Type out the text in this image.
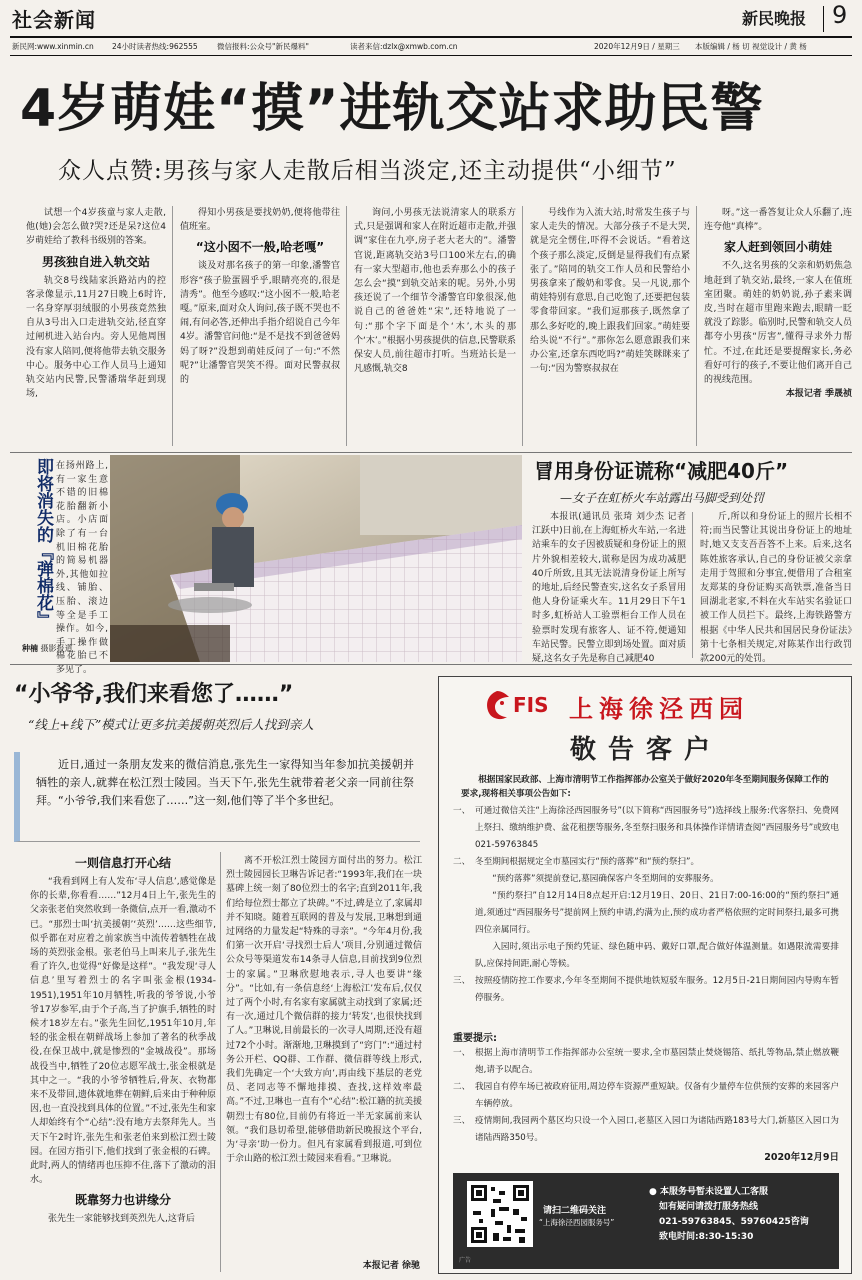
社会新闻	新民晚报 9
新民网:www.xinmin.cn 24小时读者热线:962555	微信报料:公众号"新民爆料"	读者来信:dzlx@xmwb.com.cn	2020年12月9日 / 星期三 本版编辑 / 杨 切 视觉设计 / 黄 杨
4岁萌娃“摸”进轨交站求助民警
众人点赞:男孩与家人走散后相当淡定,还主动提供“小细节”

试想一个4岁孩童与家人走散,他(她)会怎么做?哭?还是呆?这位4岁萌娃给了教科书级别的答案。

男孩独自进入轨交站

轨交8号线陆家浜路站内的控客录像显示,11月27日晚上6时许,一名身穿厚羽绒服的小男孩竟然独自从3号出入口走进轨交站,径直穿过闸机进入站台内。旁人见他周围没有家人陪同,便将他带去轨交服务中心。服务中心工作人员马上通知轨交站内民警,民警潘瑞华赶到现场,

得知小男孩是要找奶奶,便将他带往值班室。

“这小囡不一般,哈老嘎”

谈及对那名孩子的第一印象,潘警官形容“孩子脸蛋圆乎乎,眼睛亮亮的,很是清秀”。他至今感叹:“这小囡不一般,哈老嘎。”原来,面对众人询问,孩子既不哭也不闹,有问必答,还伸出手指介绍说自己今年4岁。潘警官问他:“是不是找不到爸爸妈妈了呀?”没想到萌娃反问了一句:“不然呢?”让潘警官哭笑不得。面对民警叔叔的

询问,小男孩无法说清家人的联系方式,只是强调和家人在附近超市走散,并强调“家住在九亭,房子老大老大的”。潘警官说,距离轨交站3号口100米左右,的确有一家大型超市,他也丢弃那么小的孩子怎么会“摸”到轨交站来的呢。另外,小男孩还说了一个细节令潘警官印象很深,他说自己的爸爸姓“宋”,还特地说了一句:“那个字下面是个‘木’,木头的那个‘木’。”根据小男孩提供的信息,民警联系保安人员,前往超市打听。当班站长是一凡感慨,轨交8

号线作为入流大站,时常发生孩子与家人走失的情况。大部分孩子不是大哭,就是完全愣住,吓得不会说话。“看着这个孩子那么淡定,反倒是显得我们有点紧张了。”陪同的轨交工作人员和民警给小男孩拿来了酸奶和零食。吴一凡说,那个萌娃特别有意思,自己吃饱了,还要把包装零食带回家。“我们逗那孩子,既然拿了那么多好吃的,晚上跟我们回家。”萌娃要给头说“不行”。”那你怎么愿意跟我们来办公室,还拿东西吃吗?”萌娃笑眯眯来了一句:“因为警察叔叔在

呀。”这一番答复让众人乐翻了,连连夸他“真棒”。

家人赶到领回小萌娃

不久,这名男孩的父亲和奶奶焦急地赶到了轨交站,最终,一家人在值班室团聚。萌娃的奶奶说,孙子素来调皮,当时在超市里跑来跑去,眼睛一眨就没了踪影。临别时,民警和轨交人员都夸小男孩“厉害”,懂得寻求外力帮忙。不过,在此还是要提醒家长,务必看好可行的孩子,不要让他们离开自己的视线范围。

本报记者 季晟祯
即将消失的『弹棉花』 在扬州路上,有一家生意不错的旧棉花胎翻新小店。小店面除了有一台机旧棉花胎的简易机器外,其他如拉线、铺胎、压胎、滚边等全是手工操作。如今,手工操作做棉花胎已不多见了。
种楠 摄影报道
冒用身份证谎称“减肥40斤”
—女子在虹桥火车站露出马脚受到处罚

本报讯(通讯员 张琦 刘少杰 记者 江跃中)日前,在上海虹桥火车站,一名进站乘车的女子因被质疑和身份证上的照片外貌相差较大,谎称是因为成功减肥40斤所致,且其无法说清身份证上所写的地址,后经民警查实,这名女子系冒用他人身份证乘火车。11月29日下午1时多,虹桥站人工验票柜台工作人员在验票时发现有旅客人、证不符,便通知车站民警。民警立即到场处置。面对质疑,这名女子先是称自己减肥40

斤,所以和身份证上的照片长相不符;而当民警让其说出身份证上的地址时,她又支支吾吾答不上来。后来,这名陈姓旅客承认,自己的身份证被父亲拿走用于驾照和分事宜,便借用了合租室友郑某的身份证购买高铁票,准备当日回湖北老家,不料在火车站实名验证口被工作人员拦下。最终,上海铁路警方根据《中华人民共和国居民身份证法》第十七条相关规定,对陈某作出行政罚款200元的处罚。

“小爷爷,我们来看您了……”
“线上+线下”模式让更多抗美援朝英烈后人找到亲人
近日,通过一条朋友发来的微信消息,张先生一家得知当年参加抗美援朝并牺牲的亲人,就葬在松江烈士陵园。当天下午,张先生就带着老父亲一同前往祭拜。“小爷爷,我们来看您了……”这一刻,他们等了半个多世纪。
一则信息打开心结

“我看到网上有人发布‘寻人信息’,感觉像是你的长辈,你看看……”12月4日上午,张先生的父亲张老伯突然收到一条微信,点开一看,激动不已。“那烈士叫‘抗美援朝’‘英烈’……这些细节,似乎都在对应着之前家族当中流传着牺牲在战场的英烈张金根。张老伯马上叫来儿子,张先生看了许久,也觉得“好像是这样”。“我发现‘寻人信息’里写着烈士的名字叫张金根(1934-1951),1951年10月牺牲,听我的爷爷说,小爷爷17岁参军,由于个子高,当了护旗手,牺牲的时候才18岁左右。”张先生回忆,1951年10月,年轻的张金根在朝鲜战场上参加了著名的秋季战役,在保卫战中,就是惨烈的“金城战役”。那场战役当中,牺牲了20位志愿军战士,张金根就是其中之一。“我的小爷爷牺牲后,骨灰、衣物都来不及带回,遗体就地葬在朝鲜,后来由于种种原因,也一直没找到具体的位置。”不过,张先生和家人却始终有个“心结”:没有地方去祭拜先人。当天下午2时许,张先生和张老伯来到松江烈士陵园。在园方指引下,他们找到了张金根的石碑。此时,两人的情绪再也压抑不住,落下了激动的泪水。

既靠努力也讲缘分

张先生一家能够找到英烈先人,这背后

离不开松江烈士陵园方面付出的努力。松江烈士陵园园长卫琳告诉记者:“1993年,我们在一块墓碑上统一刻了80位烈士的名字;直到2011年,我们给每位烈士都立了块碑。”不过,碑是立了,家属却并不知晓。随着互联网的普及与发展,卫琳想到通过网络的力量发起“特殊的寻亲”。“今年4月份,我们第一次开启‘寻找烈士后人’项目,分别通过微信公众号等渠道发布14条寻人信息,目前找到9位烈士的家属。”卫琳欣慰地表示,寻人也要讲“缘分”。“比如,有一条信息经‘上海松江’发布后,仅仅过了两个小时,有名家有家属就主动找到了家属;还有一次,通过几个微信群的接力‘转发’,也很快找到了人。”卫琳说,目前最长的一次寻人周期,还没有超过72个小时。渐渐地,卫琳摸到了“窍门”:“通过村务公开栏、QQ群、工作群、微信群等线上形式,我们先确定一个‘大致方向’,再由线下基层的老党员、老同志等不懈地排摸、查找,这样效率最高。”不过,卫琳也一直有个“心结”:松江籍的抗美援朝烈士有80位,目前仍有将近一半无家属前来认领。“我们恳切希望,能够借助新民晚报这个平台,为‘寻亲’助一份力。但凡有家属看到报道,可到位于佘山路的松江烈士陵园来看看。”卫琳说。

本报记者 徐驰
FIS 上海徐泾西园
敬告客户
根据国家民政部、上海市清明节工作指挥部办公室关于做好2020年冬至期间服务保障工作的要求,现将相关事项公告如下:
一、 可通过微信关注“上海徐泾西园服务号”(以下简称“西园服务号”)选择线上服务:代客祭扫、免费网上祭扫、缴纳维护费、盆花租摆等服务,冬至祭扫服务和具体操作详情请查阅“西园服务号”或致电021-59763845
二、 冬至期间根据规定全市墓园实行“预约落葬”和“预约祭扫”。
“预约落葬”须提前登记,墓园确保客户冬至期间的安葬服务。
“预约祭扫”自12月14日8点起开启:12月19日、20日、21日7:00-16:00的“预约祭扫”通道,须通过“西园服务号”提前网上预约申请,约满为止,预约成功者严格依照约定时间祭扫,最多可携四位亲属同行。
入园时,须出示电子预约凭证、绿色随申码、戴好口罩,配合做好体温测量。如遇限流需要排队,应保持间距,耐心等候。
三、 按照疫情防控工作要求,今年冬至期间不提供地铁短驳车服务。12月5日-21日期间园内导购车暂停服务。
重要提示:
一、 根据上海市清明节工作指挥部办公室统一要求,全市墓园禁止焚烧锡箔、纸扎等物品,禁止燃放鞭炮,请予以配合。
二、 我园自有停车场已被政府征用,周边停车资源严重短缺。仅备有少量停车位供预约安葬的来园客户车辆停放。
三、 疫情期间,我园两个墓区均只设一个入园口,老墓区入园口为诸陆西路183号大门,新墓区入园口为诸陆西路350号。
2020年12月9日
请扫二维码关注
“上海徐泾西园服务号”
● 本服务号暂未设置人工客服
如有疑问请拨打服务热线
021-59763845、59760425咨询
致电时间:8:30-15:30
广告
